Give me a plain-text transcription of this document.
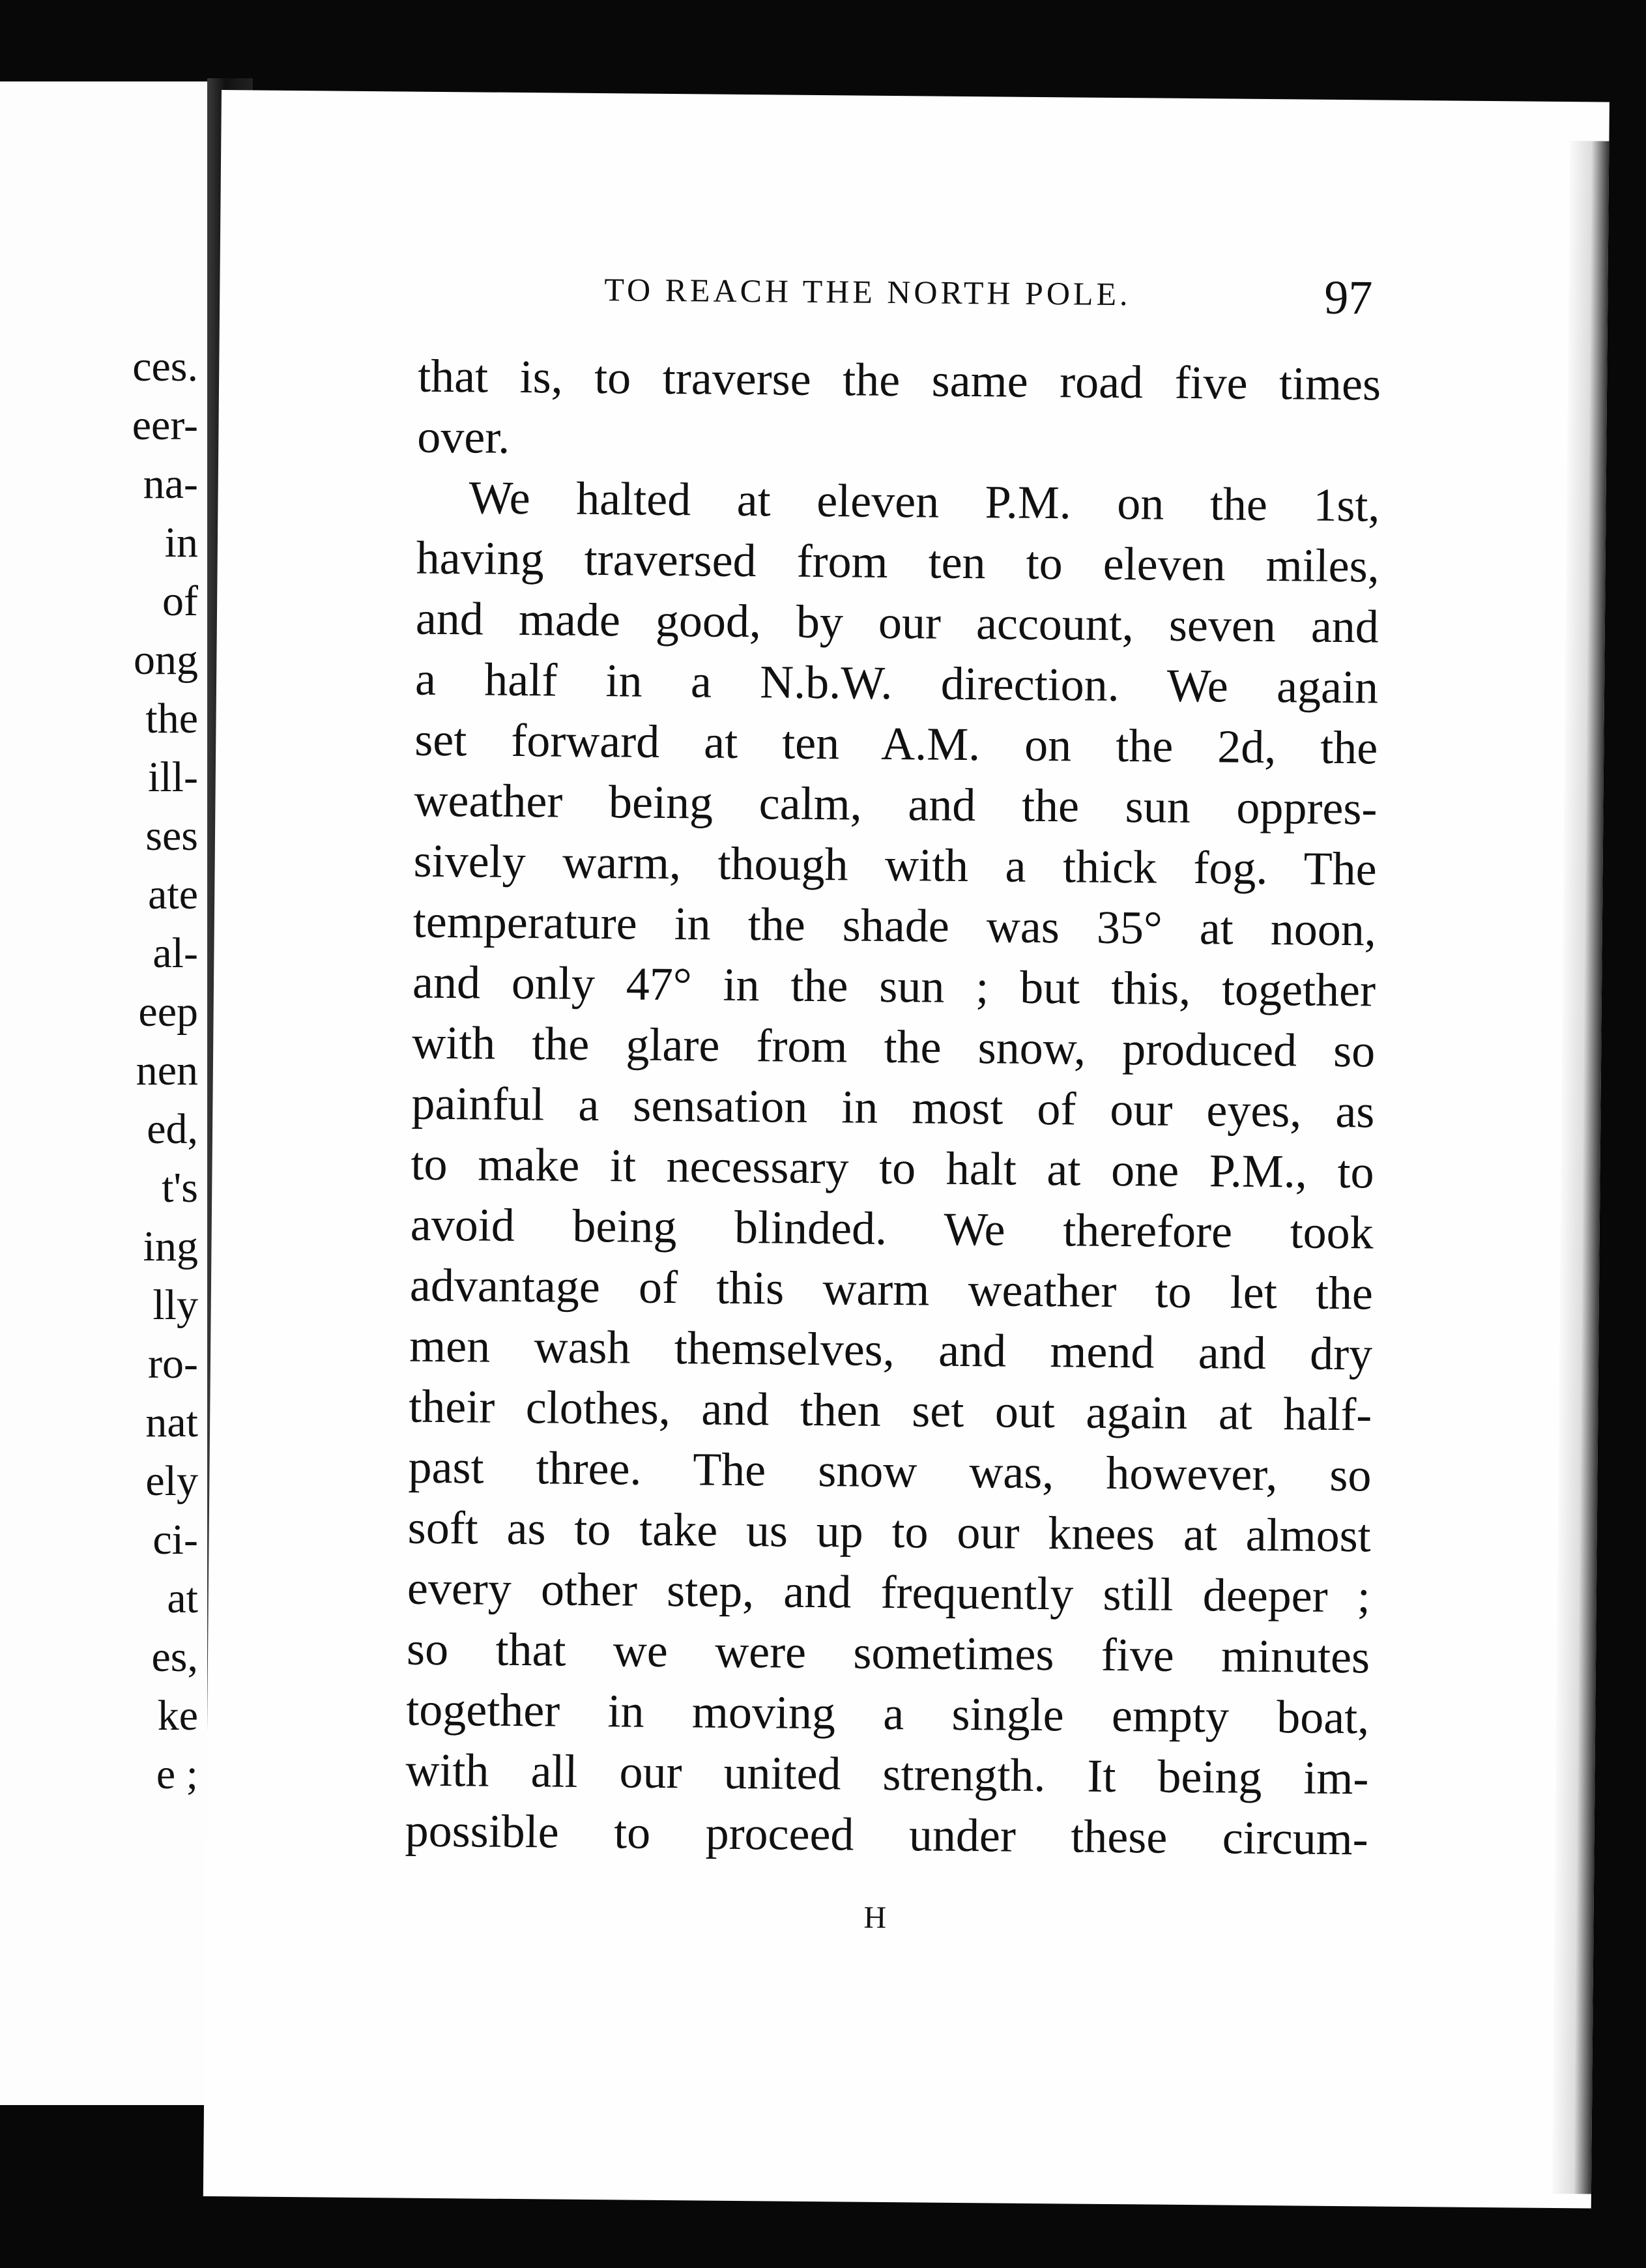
ces.
eer-
na-
in
of
ong
the
ill-
ses
ate
al-
eep
nen
ed,
t's
ing
lly
ro-
nat
ely
ci-
at
es,
ke
e ;
TO REACH THE NORTH POLE.	97
that is, to traverse the same road five times
over.
We halted at eleven P.M. on the 1st,
having traversed from ten to eleven miles,
and made good, by our account, seven and
a half in a N.b.W. direction. We again
set forward at ten A.M. on the 2d, the
weather being calm, and the sun oppres-
sively warm, though with a thick fog. The
temperature in the shade was 35° at noon,
and only 47° in the sun ; but this, together
with the glare from the snow, produced so
painful a sensation in most of our eyes, as
to make it necessary to halt at one P.M., to
avoid being blinded. We therefore took
advantage of this warm weather to let the
men wash themselves, and mend and dry
their clothes, and then set out again at half-
past three. The snow was, however, so
soft as to take us up to our knees at almost
every other step, and frequently still deeper ;
so that we were sometimes five minutes
together in moving a single empty boat,
with all our united strength. It being im-
possible to proceed under these circum-
H
